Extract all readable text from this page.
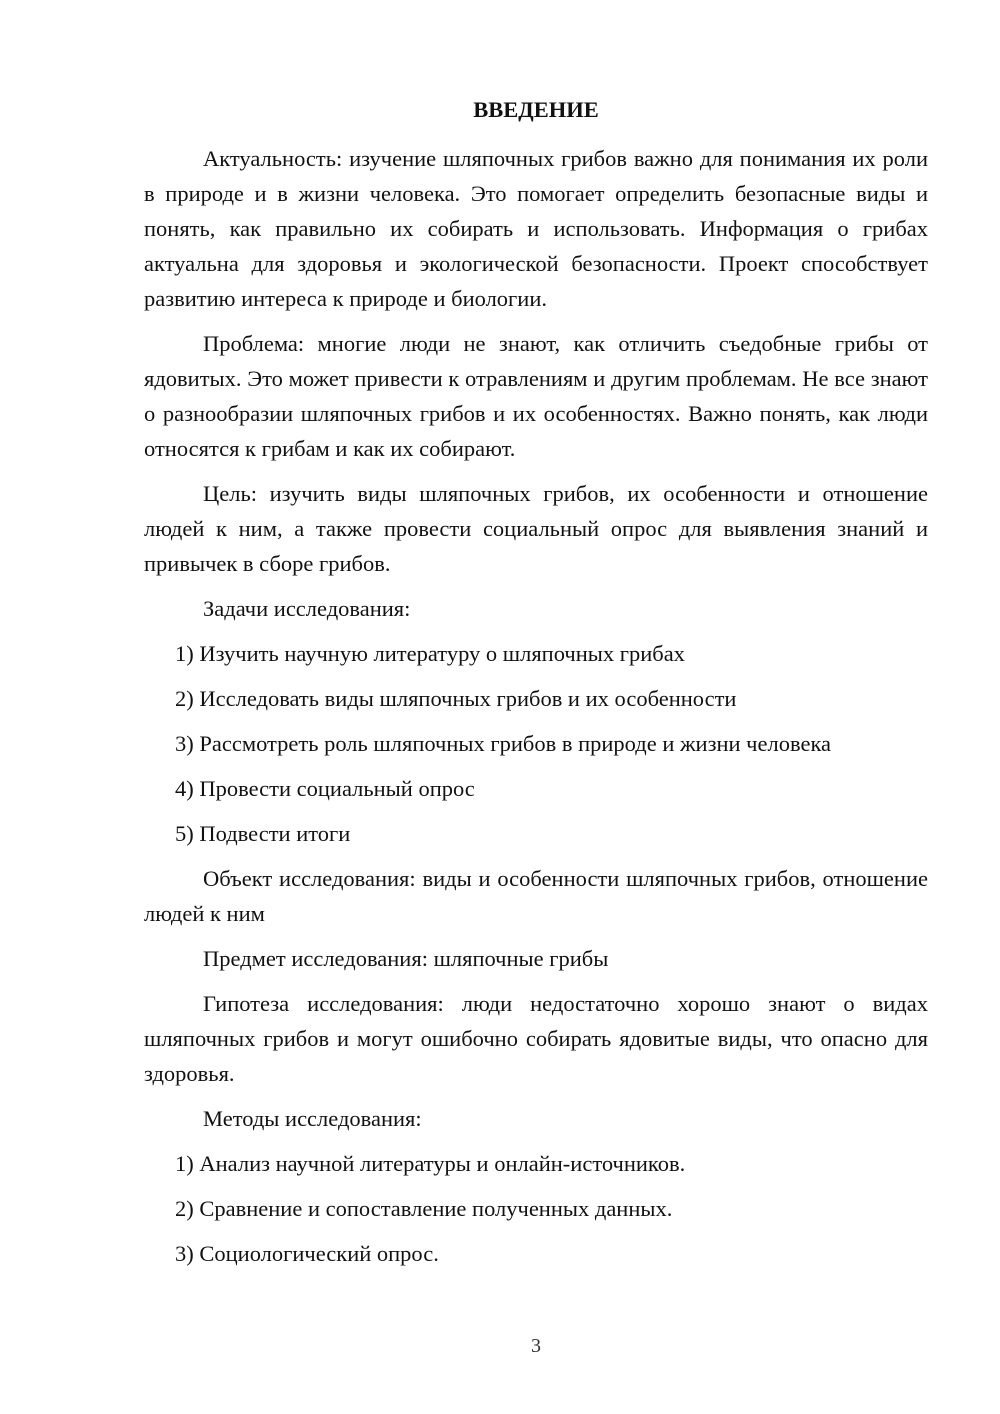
ВВЕДЕНИЕ

Актуальность: изучение шляпочных грибов важно для понимания их роли в природе и в жизни человека. Это помогает определить безопасные виды и понять, как правильно их собирать и использовать. Информация о грибах актуальна для здоровья и экологической безопасности. Проект способствует развитию интереса к природе и биологии.

Проблема: многие люди не знают, как отличить съедобные грибы от ядовитых. Это может привести к отравлениям и другим проблемам. Не все знают о разнообразии шляпочных грибов и их особенностях. Важно понять, как люди относятся к грибам и как их собирают.

Цель: изучить виды шляпочных грибов, их особенности и отношение людей к ним, а также провести социальный опрос для выявления знаний и привычек в сборе грибов.

Задачи исследования:

1) Изучить научную литературу о шляпочных грибах
2) Исследовать виды шляпочных грибов и их особенности
3) Рассмотреть роль шляпочных грибов в природе и жизни человека
4) Провести социальный опрос
5) Подвести итоги

Объект исследования: виды и особенности шляпочных грибов, отношение людей к ним

Предмет исследования: шляпочные грибы

Гипотеза исследования: люди недостаточно хорошо знают о видах шляпочных грибов и могут ошибочно собирать ядовитые виды, что опасно для здоровья.

Методы исследования:

1) Анализ научной литературы и онлайн-источников.
2) Сравнение и сопоставление полученных данных.
3) Социологический опрос.
3
